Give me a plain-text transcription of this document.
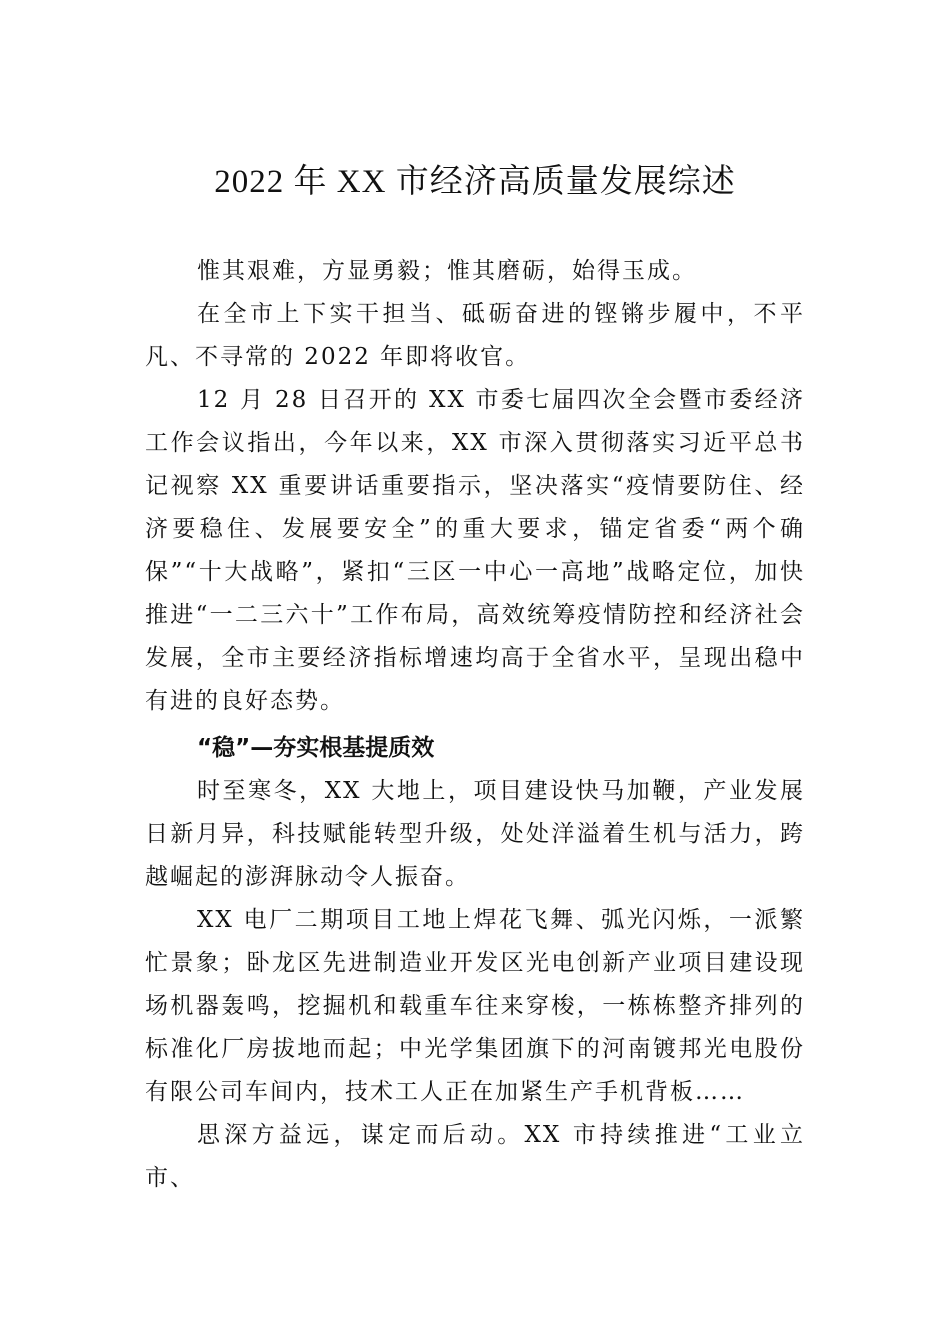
2022 年 XX 市经济高质量发展综述

惟其艰难，方显勇毅；惟其磨砺，始得玉成。

在全市上下实干担当、砥砺奋进的铿锵步履中，不平凡、不寻常的 2022 年即将收官。

12 月 28 日召开的 XX 市委七届四次全会暨市委经济工作会议指出，今年以来，XX 市深入贯彻落实习近平总书记视察 XX 重要讲话重要指示，坚决落实“疫情要防住、经济要稳住、发展要安全”的重大要求，锚定省委“两个确保”“十大战略”，紧扣“三区一中心一高地”战略定位，加快推进“一二三六十”工作布局，高效统筹疫情防控和经济社会发展，全市主要经济指标增速均高于全省水平，呈现出稳中有进的良好态势。

“稳”—夯实根基提质效

时至寒冬，XX 大地上，项目建设快马加鞭，产业发展日新月异，科技赋能转型升级，处处洋溢着生机与活力，跨越崛起的澎湃脉动令人振奋。

XX 电厂二期项目工地上焊花飞舞、弧光闪烁，一派繁忙景象；卧龙区先进制造业开发区光电创新产业项目建设现场机器轰鸣，挖掘机和载重车往来穿梭，一栋栋整齐排列的标准化厂房拔地而起；中光学集团旗下的河南镀邦光电股份有限公司车间内，技术工人正在加紧生产手机背板……

思深方益远，谋定而后动。XX 市持续推进“工业立市、
